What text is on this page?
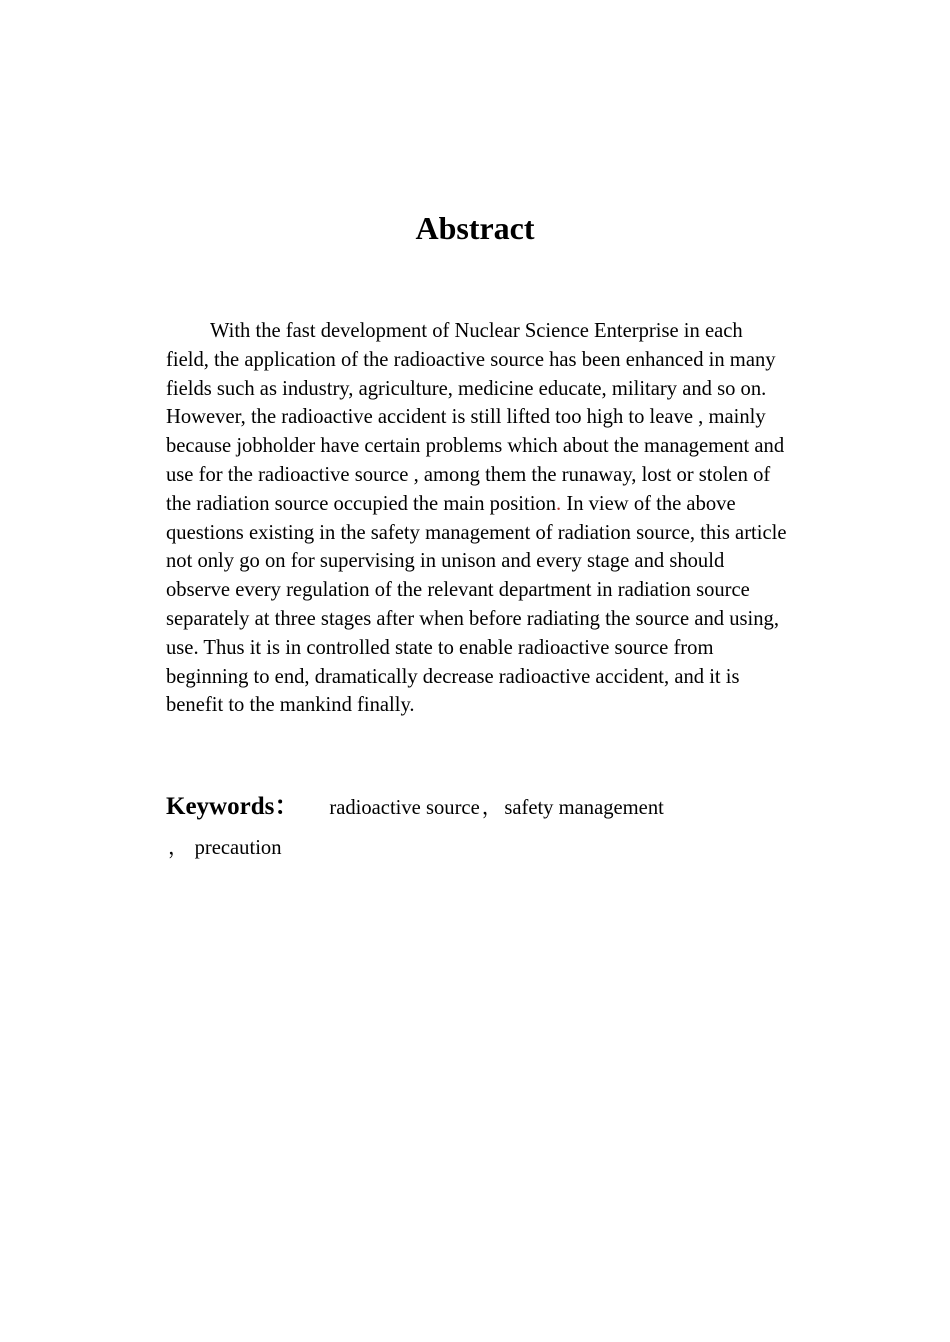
Abstract

With the fast development of Nuclear Science Enterprise in each field, the application of the radioactive source has been enhanced in many fields such as industry, agriculture, medicine educate, military and so on. However, the radioactive accident is still lifted too high to leave , mainly because jobholder have certain problems which about the management and use for the radioactive source , among them the runaway, lost or stolen of the radiation source occupied the main position. In view of the above questions existing in the safety management of radiation source, this article not only go on for supervising in unison and every stage and should observe every regulation of the relevant department in radiation source separately at three stages after when before radiating the source and using, use. Thus it is in controlled state to enable radioactive source from beginning to end, dramatically decrease radioactive accident, and it is benefit to the mankind finally.

Keywords ： radioactive source ， safety management
， precaution
